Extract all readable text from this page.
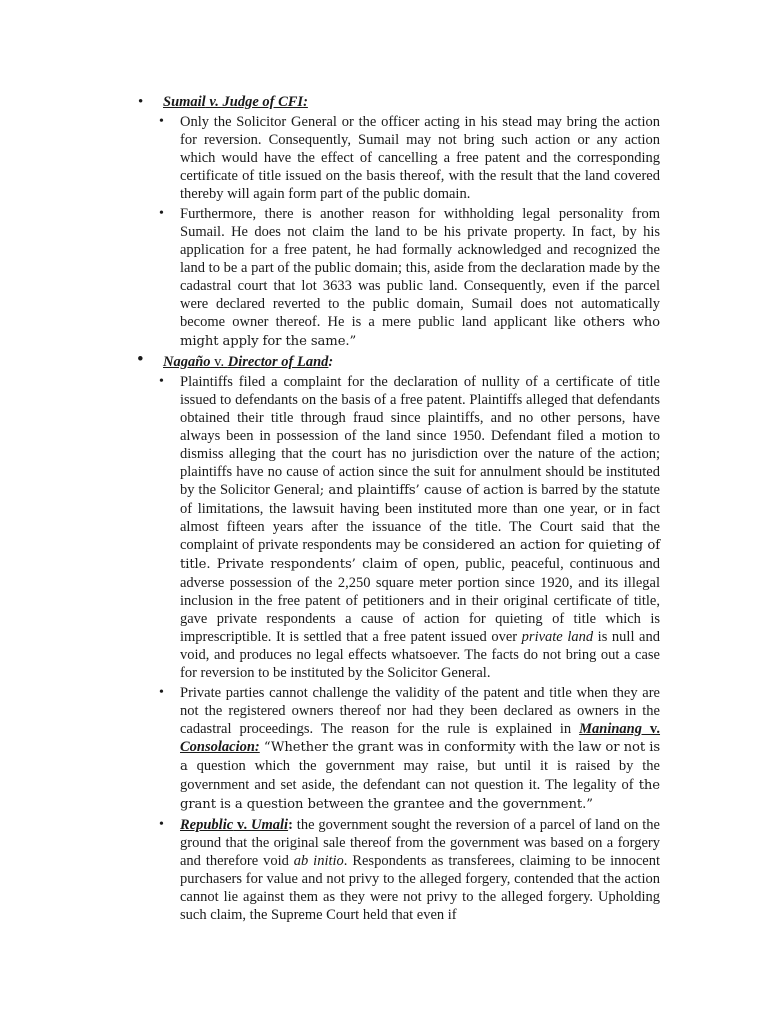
• Sumail v. Judge of CFI:
• Only the Solicitor General or the officer acting in his stead may bring the action for reversion. Consequently, Sumail may not bring such action or any action which would have the effect of cancelling a free patent and the corresponding certificate of title issued on the basis thereof, with the result that the land covered thereby will again form part of the public domain.
• Furthermore, there is another reason for withholding legal personality from Sumail. He does not claim the land to be his private property. In fact, by his application for a free patent, he had formally acknowledged and recognized the land to be a part of the public domain; this, aside from the declaration made by the cadastral court that lot 3633 was public land. Consequently, even if the parcel were declared reverted to the public domain, Sumail does not automatically become owner thereof. He is a mere public land applicant like others who might apply for the same.”
• Nagaño v. Director of Land:
• Plaintiffs filed a complaint for the declaration of nullity of a certificate of title issued to defendants on the basis of a free patent. Plaintiffs alleged that defendants obtained their title through fraud since plaintiffs, and no other persons, have always been in possession of the land since 1950. Defendant filed a motion to dismiss alleging that the court has no jurisdiction over the nature of the action; plaintiffs have no cause of action since the suit for annulment should be instituted by the Solicitor General; and plaintiffs’ cause of action is barred by the statute of limitations, the lawsuit having been instituted more than one year, or in fact almost fifteen years after the issuance of the title. The Court said that the complaint of private respondents may be considered an action for quieting of title. Private respondents’ claim of open, public, peaceful, continuous and adverse possession of the 2,250 square meter portion since 1920, and its illegal inclusion in the free patent of petitioners and in their original certificate of title, gave private respondents a cause of action for quieting of title which is imprescriptible. It is settled that a free patent issued over private land is null and void, and produces no legal effects whatsoever. The facts do not bring out a case for reversion to be instituted by the Solicitor General.
• Private parties cannot challenge the validity of the patent and title when they are not the registered owners thereof nor had they been declared as owners in the cadastral proceedings. The reason for the rule is explained in Maninang v. Consolacion: “Whether the grant was in conformity with the law or not is a question which the government may raise, but until it is raised by the government and set aside, the defendant can not question it. The legality of the grant is a question between the grantee and the government.”
• Republic v. Umali: the government sought the reversion of a parcel of land on the ground that the original sale thereof from the government was based on a forgery and therefore void ab initio. Respondents as transferees, claiming to be innocent purchasers for value and not privy to the alleged forgery, contended that the action cannot lie against them as they were not privy to the alleged forgery. Upholding such claim, the Supreme Court held that even if
